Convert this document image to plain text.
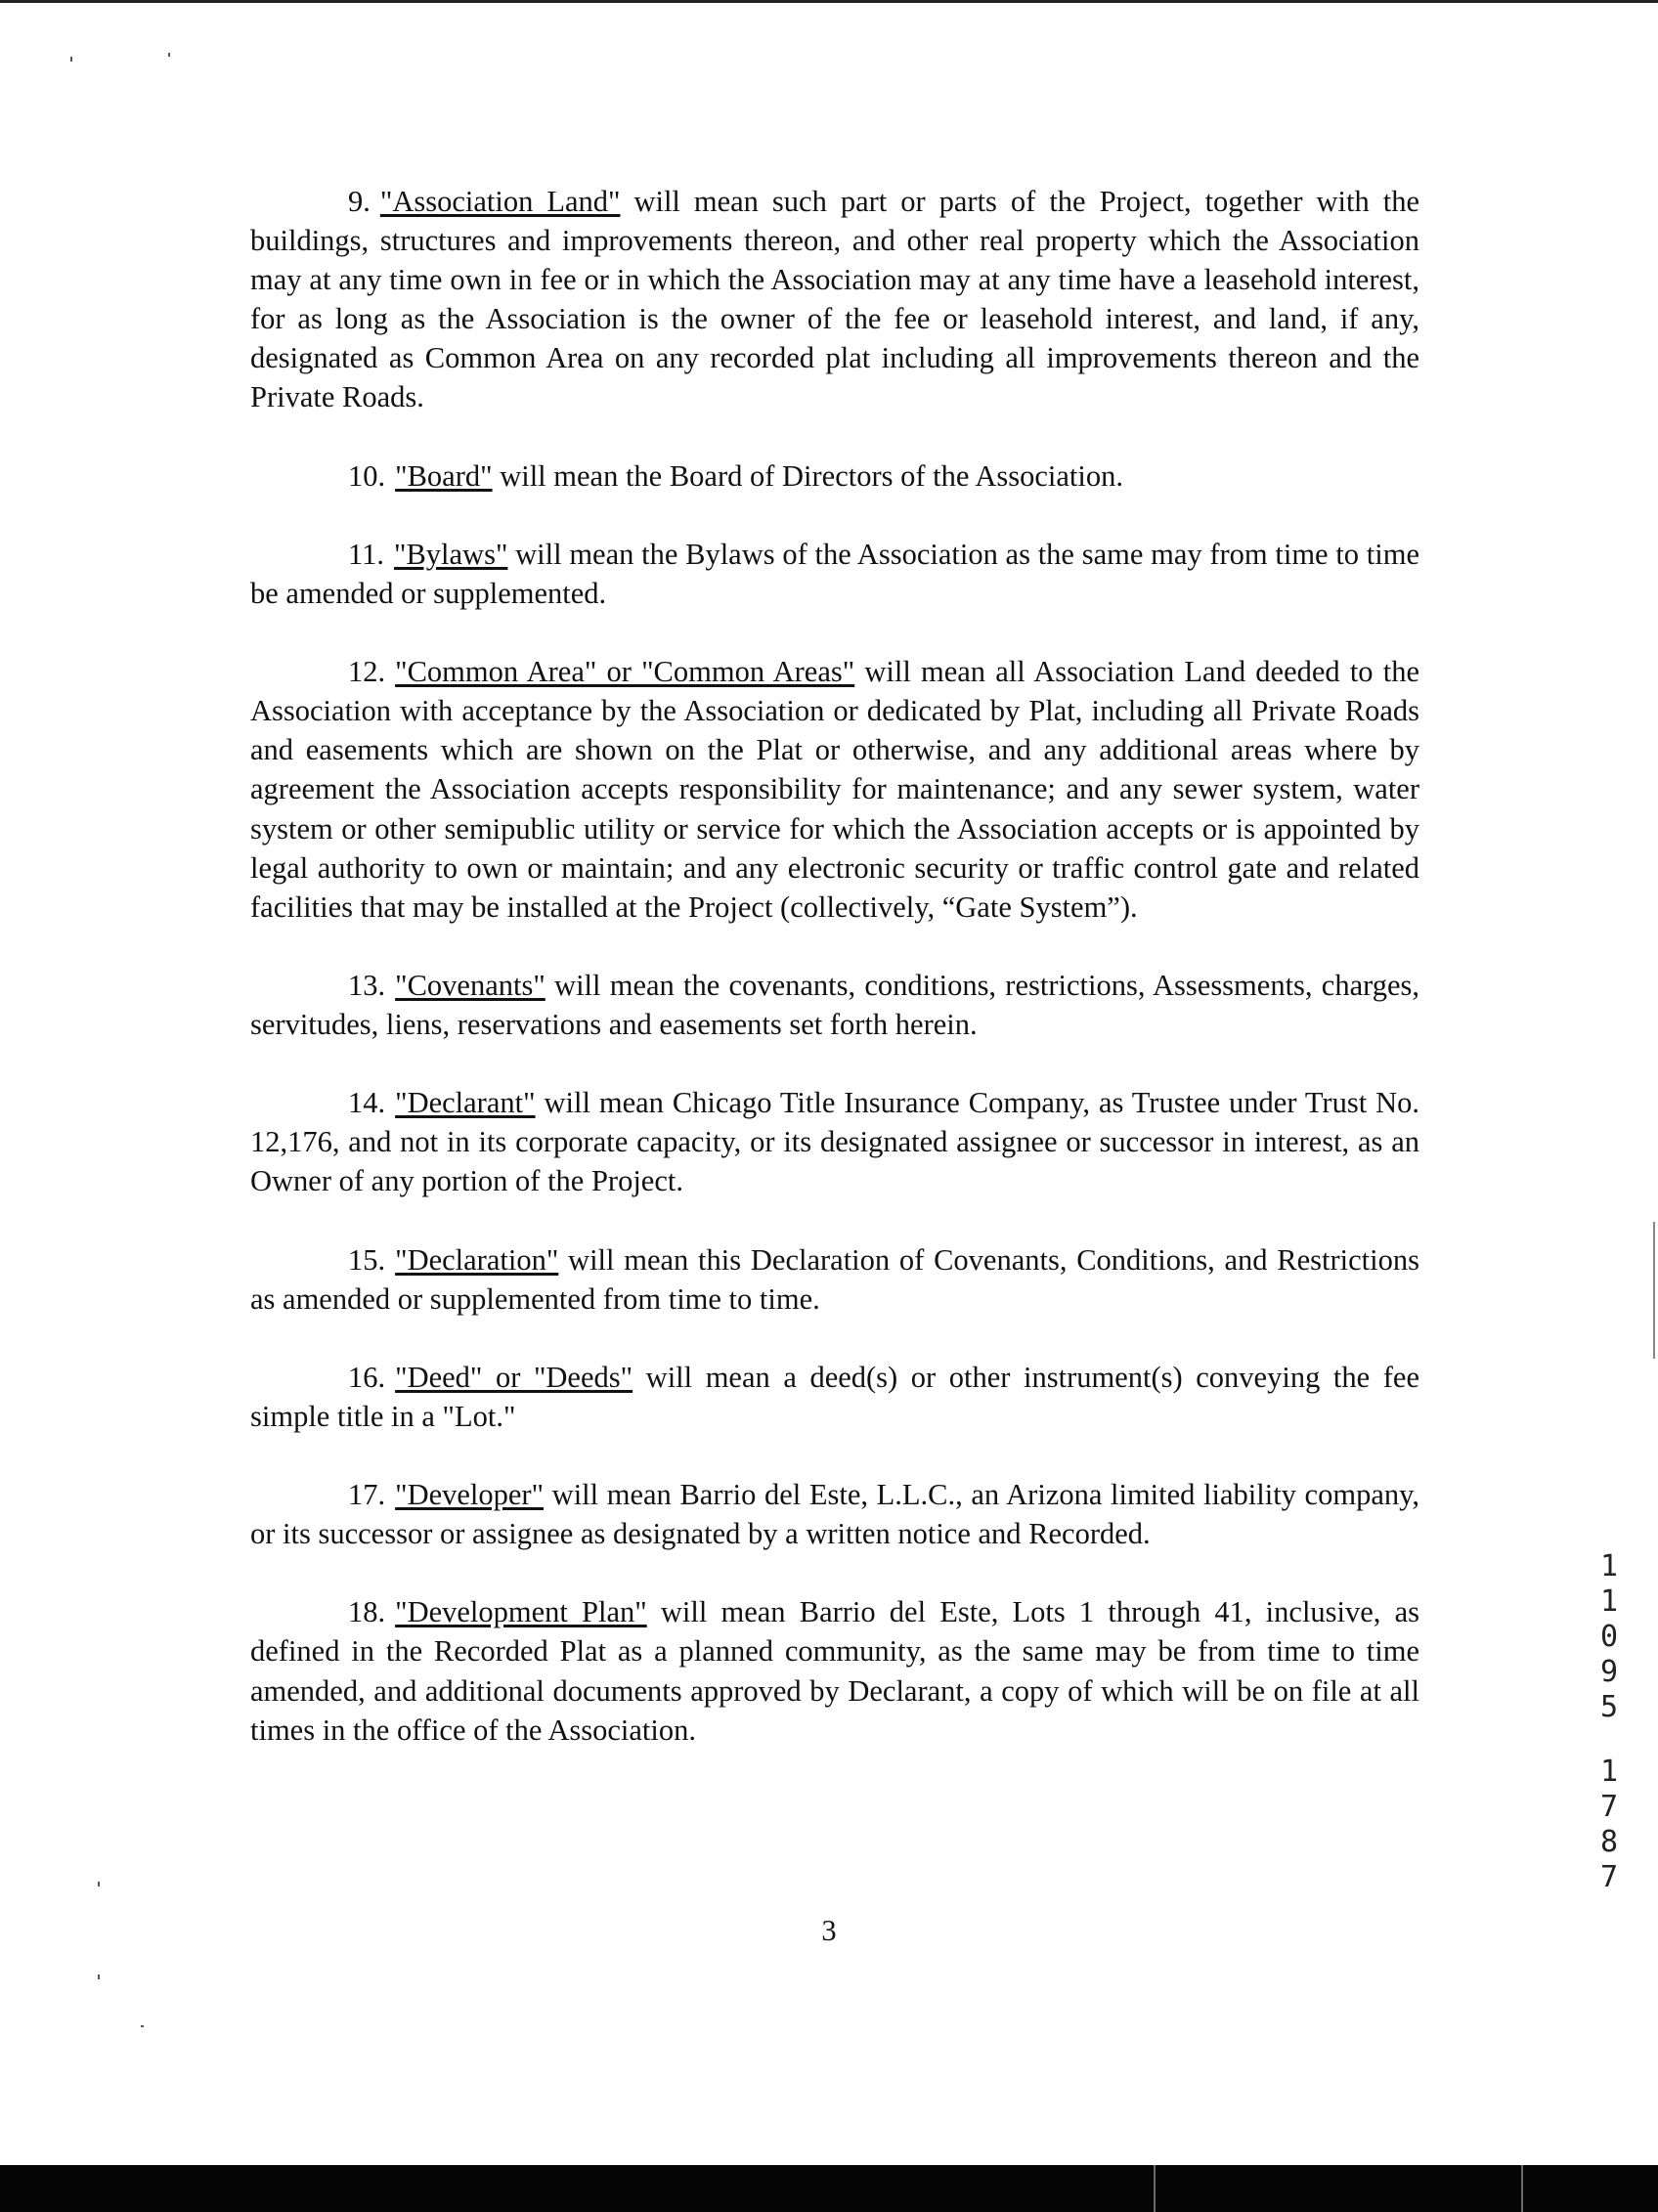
9. "Association Land" will mean such part or parts of the Project, together with the buildings, structures and improvements thereon, and other real property which the Association may at any time own in fee or in which the Association may at any time have a leasehold interest, for as long as the Association is the owner of the fee or leasehold interest, and land, if any, designated as Common Area on any recorded plat including all improvements thereon and the Private Roads.

10. "Board" will mean the Board of Directors of the Association.

11. "Bylaws" will mean the Bylaws of the Association as the same may from time to time be amended or supplemented.

12. "Common Area" or "Common Areas" will mean all Association Land deeded to the Association with acceptance by the Association or dedicated by Plat, including all Private Roads and easements which are shown on the Plat or otherwise, and any additional areas where by agreement the Association accepts responsibility for maintenance; and any sewer system, water system or other semipublic utility or service for which the Association accepts or is appointed by legal authority to own or maintain; and any electronic security or traffic control gate and related facilities that may be installed at the Project (collectively, “Gate System”).

13. "Covenants" will mean the covenants, conditions, restrictions, Assessments, charges, servitudes, liens, reservations and easements set forth herein.

14. "Declarant" will mean Chicago Title Insurance Company, as Trustee under Trust No. 12,176, and not in its corporate capacity, or its designated assignee or successor in interest, as an Owner of any portion of the Project.

15. "Declaration" will mean this Declaration of Covenants, Conditions, and Restrictions as amended or supplemented from time to time.

16. "Deed" or "Deeds" will mean a deed(s) or other instrument(s) conveying the fee simple title in a "Lot."

17. "Developer" will mean Barrio del Este, L.L.C., an Arizona limited liability company, or its successor or assignee as designated by a written notice and Recorded.

18. "Development Plan" will mean Barrio del Este, Lots 1 through 41, inclusive, as defined in the Recorded Plat as a planned community, as the same may be from time to time amended, and additional documents approved by Declarant, a copy of which will be on file at all times in the office of the Association.

1
1
0
9
5
1
7
8
7
3
